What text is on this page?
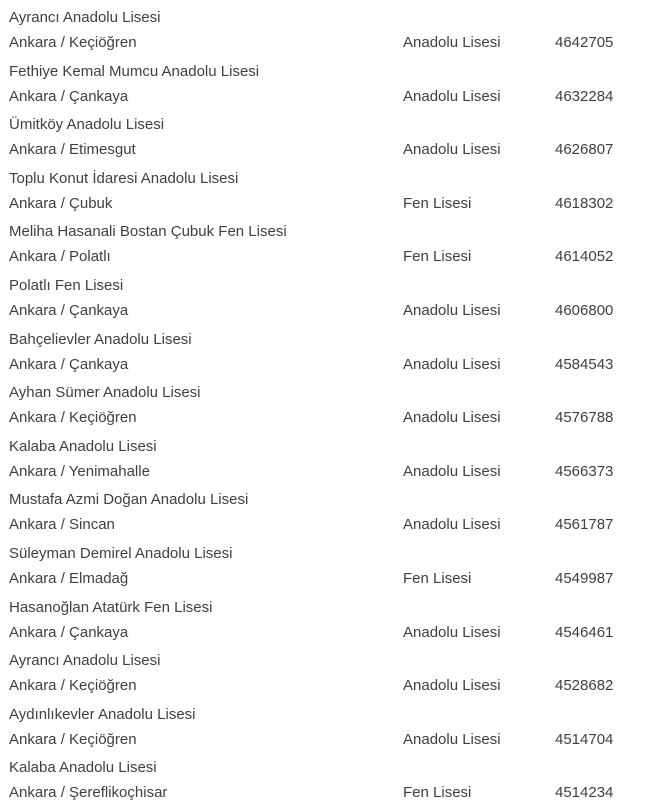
Ayrancı Anadolu Lisesi
Ankara / Keçiöğren	Anadolu Lisesi	4642705
Fethiye Kemal Mumcu Anadolu Lisesi
Ankara / Çankaya	Anadolu Lisesi	4632284
Ümitköy Anadolu Lisesi
Ankara / Etimesgut	Anadolu Lisesi	4626807
Toplu Konut İdaresi Anadolu Lisesi
Ankara / Çubuk	Fen Lisesi	4618302
Meliha Hasanali Bostan Çubuk Fen Lisesi
Ankara / Polatlı	Fen Lisesi	4614052
Polatlı Fen Lisesi
Ankara / Çankaya	Anadolu Lisesi	4606800
Bahçelievler Anadolu Lisesi
Ankara / Çankaya	Anadolu Lisesi	4584543
Ayhan Sümer Anadolu Lisesi
Ankara / Keçiöğren	Anadolu Lisesi	4576788
Kalaba Anadolu Lisesi
Ankara / Yenimahalle	Anadolu Lisesi	4566373
Mustafa Azmi Doğan Anadolu Lisesi
Ankara / Sincan	Anadolu Lisesi	4561787
Süleyman Demirel Anadolu Lisesi
Ankara / Elmadağ	Fen Lisesi	4549987
Hasanoğlan Atatürk Fen Lisesi
Ankara / Çankaya	Anadolu Lisesi	4546461
Ayrancı Anadolu Lisesi
Ankara / Keçiöğren	Anadolu Lisesi	4528682
Aydınlıkevler Anadolu Lisesi
Ankara / Keçiöğren	Anadolu Lisesi	4514704
Kalaba Anadolu Lisesi
Ankara / Şereflikoçhisar	Fen Lisesi	4514234
